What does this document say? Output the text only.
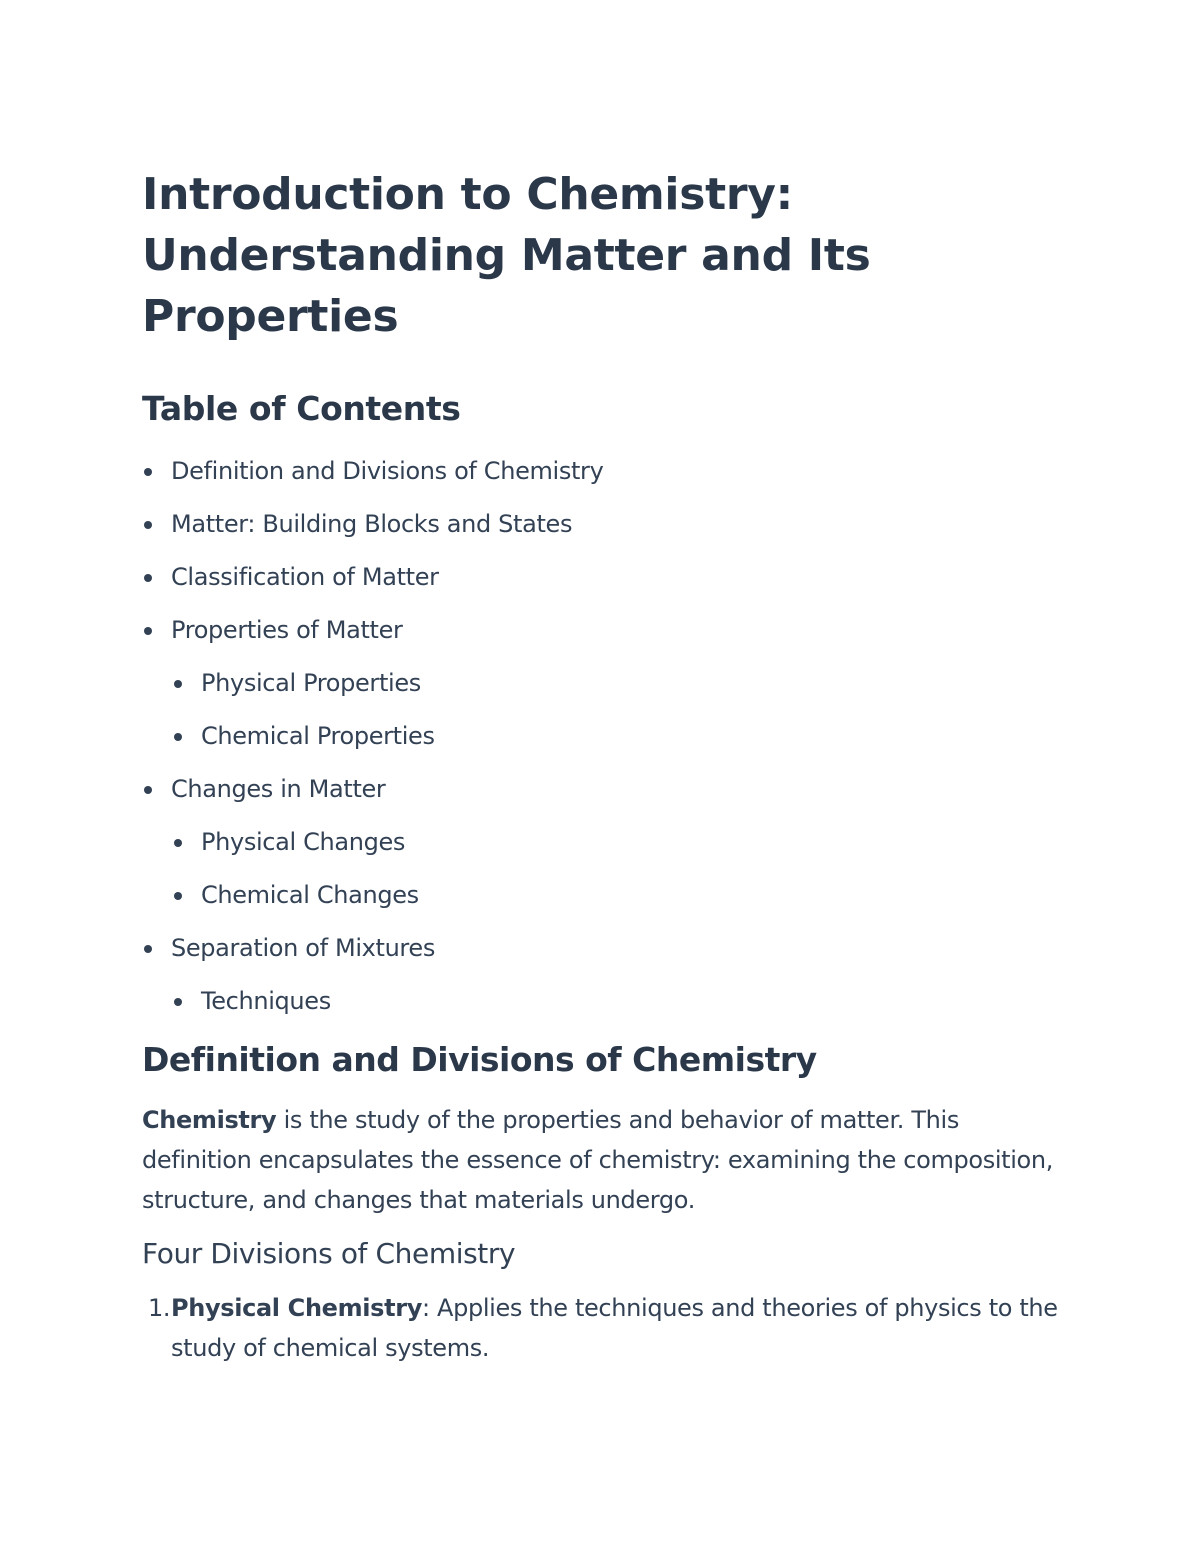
Introduction to Chemistry: Understanding Matter and Its Properties
Table of Contents
Definition and Divisions of Chemistry
Matter: Building Blocks and States
Classification of Matter
Properties of Matter
Physical Properties
Chemical Properties
Changes in Matter
Physical Changes
Chemical Changes
Separation of Mixtures
Techniques
Definition and Divisions of Chemistry

Chemistry is the study of the properties and behavior of matter. This definition encapsulates the essence of chemistry: examining the composition, structure, and changes that materials undergo.

Four Divisions of Chemistry
1. Physical Chemistry: Applies the techniques and theories of physics to the study of chemical systems.
